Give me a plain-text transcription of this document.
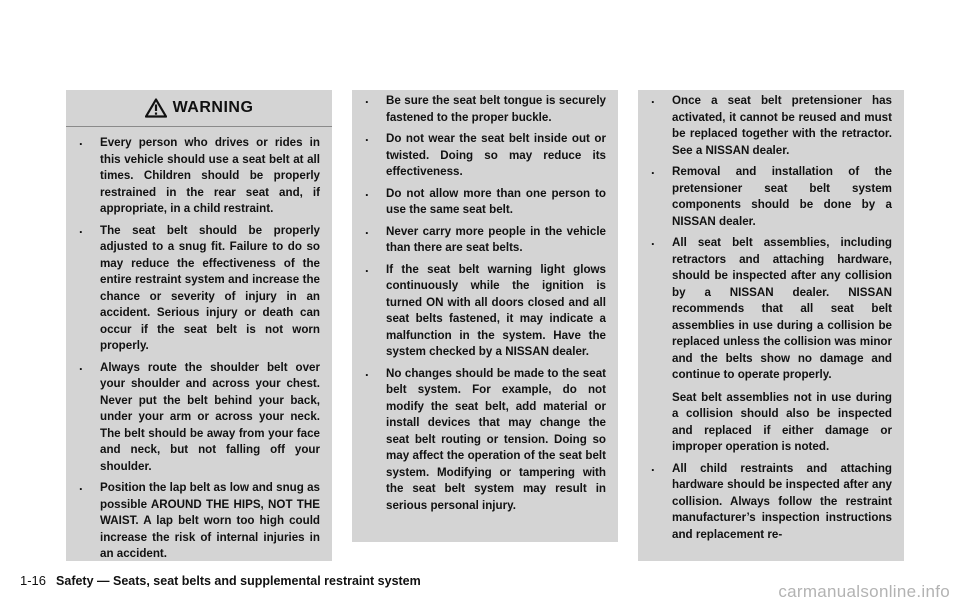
WARNING
. Every person who drives or rides in this vehicle should use a seat belt at all times. Children should be properly restrained in the rear seat and, if appropriate, in a child restraint.
. The seat belt should be properly adjusted to a snug fit. Failure to do so may reduce the effectiveness of the entire restraint system and increase the chance or severity of injury in an accident. Serious injury or death can occur if the seat belt is not worn properly.
. Always route the shoulder belt over your shoulder and across your chest. Never put the belt behind your back, under your arm or across your neck. The belt should be away from your face and neck, but not falling off your shoulder.
. Position the lap belt as low and snug as possible AROUND THE HIPS, NOT THE WAIST. A lap belt worn too high could increase the risk of internal injuries in an accident.
. Be sure the seat belt tongue is securely fastened to the proper buckle.
. Do not wear the seat belt inside out or twisted. Doing so may reduce its effectiveness.
. Do not allow more than one person to use the same seat belt.
. Never carry more people in the vehicle than there are seat belts.
. If the seat belt warning light glows continuously while the ignition is turned ON with all doors closed and all seat belts fastened, it may indicate a malfunction in the system. Have the system checked by a NISSAN dealer.
. No changes should be made to the seat belt system. For example, do not modify the seat belt, add material or install devices that may change the seat belt routing or tension. Doing so may affect the operation of the seat belt system. Modifying or tampering with the seat belt system may result in serious personal injury.
. Once a seat belt pretensioner has activated, it cannot be reused and must be replaced together with the retractor. See a NISSAN dealer.
. Removal and installation of the pretensioner seat belt system components should be done by a NISSAN dealer.
. All seat belt assemblies, including retractors and attaching hardware, should be inspected after any collision by a NISSAN dealer. NISSAN recommends that all seat belt assemblies in use during a collision be replaced unless the collision was minor and the belts show no damage and continue to operate properly.
Seat belt assemblies not in use during a collision should also be inspected and replaced if either damage or improper operation is noted.
. All child restraints and attaching hardware should be inspected after any collision. Always follow the restraint manufacturer’s inspection instructions and replacement re-
1-16 Safety — Seats, seat belts and supplemental restraint system
carmanualsonline.info
